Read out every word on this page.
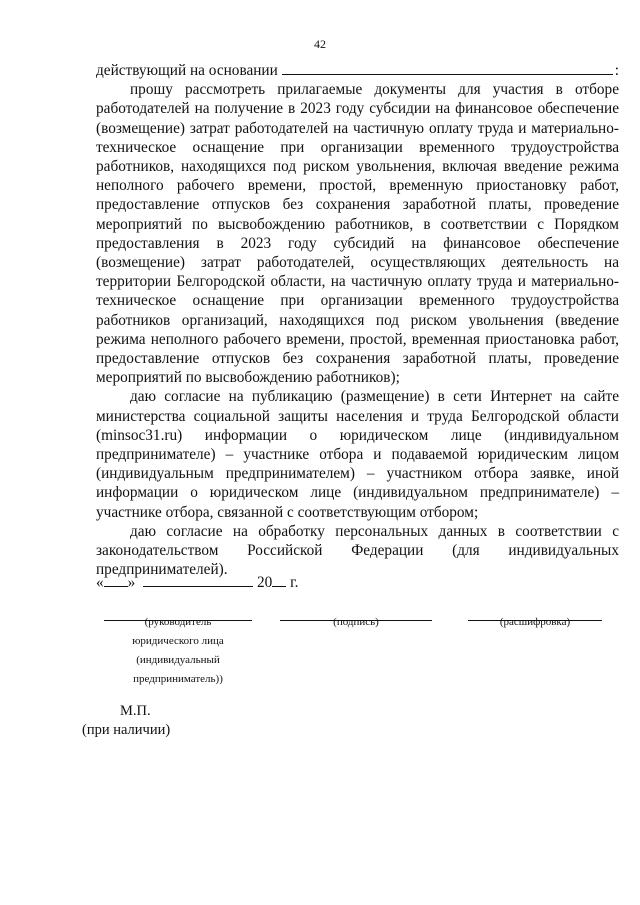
42
действующий на основании	:

прошу рассмотреть прилагаемые документы для участия в отборе работодателей на получение в 2023 году субсидии на финансовое обеспечение (возмещение) затрат работодателей на частичную оплату труда и материально-техническое оснащение при организации временного трудоустройства работников, находящихся под риском увольнения, включая введение режима неполного рабочего времени, простой, временную приостановку работ, предоставление отпусков без сохранения заработной платы, проведение мероприятий по высвобождению работников, в соответствии с Порядком предоставления в 2023 году субсидий на финансовое обеспечение (возмещение) затрат работодателей, осуществляющих деятельность на территории Белгородской области, на частичную оплату труда и материально-техническое оснащение при организации временного трудоустройства работников организаций, находящихся под риском увольнения (введение режима неполного рабочего времени, простой, временная приостановка работ, предоставление отпусков без сохранения заработной платы, проведение мероприятий по высвобождению работников);

даю согласие на публикацию (размещение) в сети Интернет на сайте министерства социальной защиты населения и труда Белгородской области (minsoc31.ru) информации о юридическом лице (индивидуальном предпринимателе) – участнике отбора и подаваемой юридическим лицом (индивидуальным предпринимателем) – участником отбора заявке, иной информации о юридическом лице (индивидуальном предпринимателе) – участнике отбора, связанной с соответствующим отбором;

даю согласие на обработку персональных данных в соответствии с законодательством Российской Федерации (для индивидуальных предпринимателей).

« »	20 г.
(руководитель
юридического лица
(индивидуальный
предприниматель))
(подпись)	(расшифровка)
М.П.
(при наличии)
